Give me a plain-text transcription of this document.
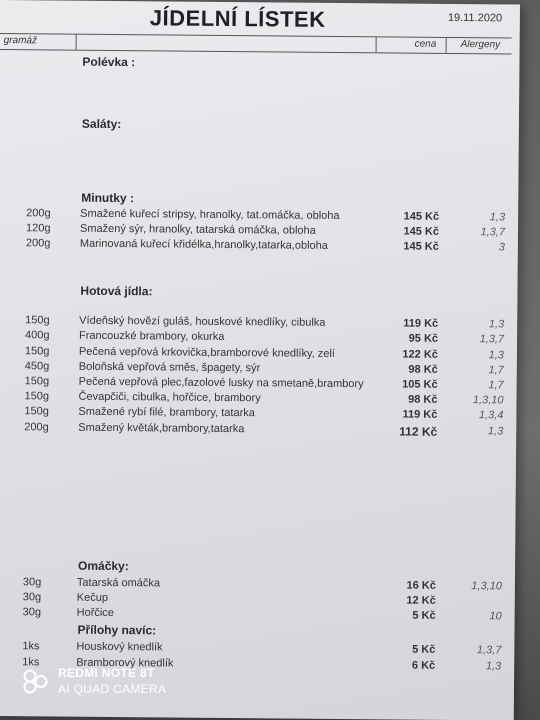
JÍDELNÍ LÍSTEK	19.11.2020
gramáž	cena Alergeny
Polévka :
Saláty:
Minutky :
200g	Smažené kuřecí stripsy, hranolky, tat.omáčka, obloha	145 Kč	1,3
120g	Smažený sýr, hranolky, tatarská omáčka, obloha	145 Kč	1,3,7
200g	Marinovaná kuřecí křidélka,hranolky,tatarka,obloha	145 Kč	3
Hotová jídla:
150g	Vídeňský hovězí guláš, houskové knedlíky, cibulka	119 Kč	1,3
400g	Francouzké brambory, okurka	95 Kč	1,3,7
150g	Pečená vepřová krkovička,bramborové knedlíky, zelí	122 Kč	1,3
450g	Boloňská vepřová směs, špagety, sýr	98 Kč	1,7
150g	Pečená vepřová plec,fazolové lusky na smetaně,brambory	105 Kč	1,7
150g	Čevapčiči, cibulka, hořčice, brambory	98 Kč	1,3,10
150g	Smažené rybí filé, brambory, tatarka	119 Kč	1,3,4
200g	Smažený květák,brambory,tatarka	112 Kč	1,3
Omáčky:
30g	Tatarská omáčka	16 Kč	1,3,10
30g	Kečup	12 Kč
30g	Hořčice	5 Kč	10
Přílohy navíc:
1ks	Houskový knedlík	5 Kč	1,3,7
1ks	Bramborový knedlík	6 Kč	1,3
REDMI NOTE 8T
AI QUAD CAMERA
